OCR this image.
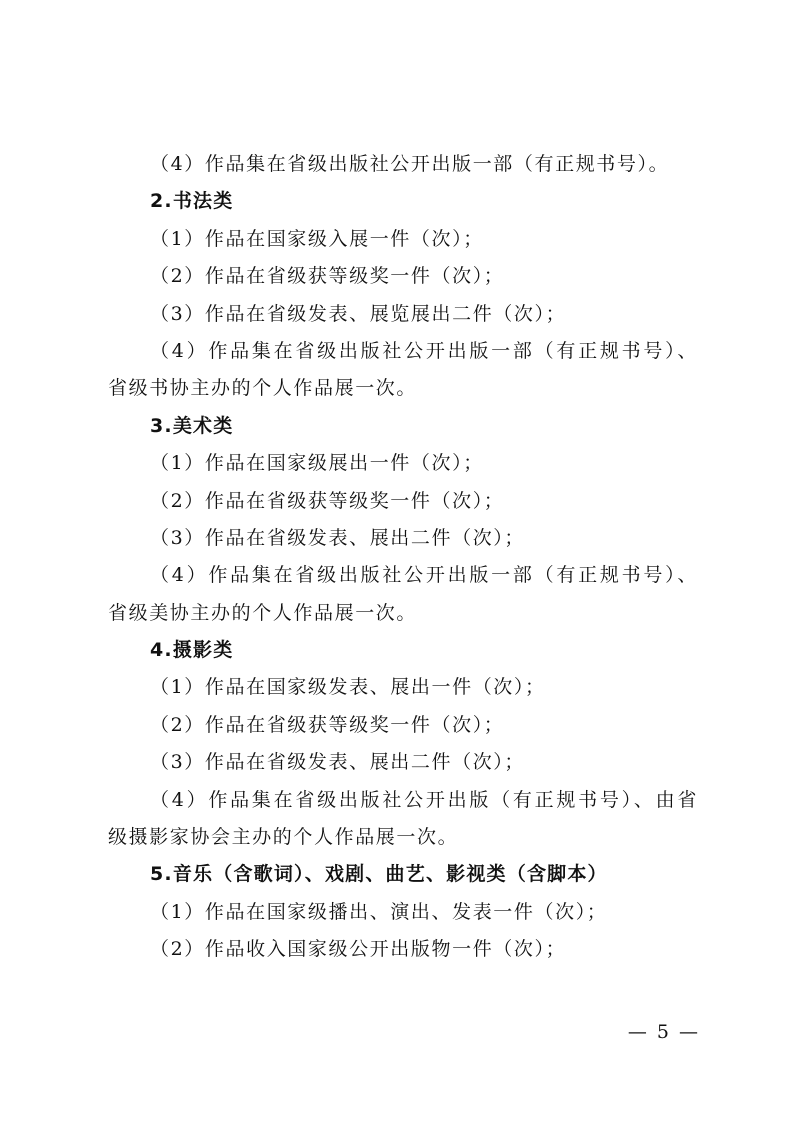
（4）作品集在省级出版社公开出版一部（有正规书号）。
2.书法类
（1）作品在国家级入展一件（次）；
（2）作品在省级获等级奖一件（次）；
（3）作品在省级发表、展览展出二件（次）；
（4）作品集在省级出版社公开出版一部（有正规书号）、
省级书协主办的个人作品展一次。
3.美术类
（1）作品在国家级展出一件（次）；
（2）作品在省级获等级奖一件（次）；
（3）作品在省级发表、展出二件（次）；
（4）作品集在省级出版社公开出版一部（有正规书号）、
省级美协主办的个人作品展一次。
4.摄影类
（1）作品在国家级发表、展出一件（次）；
（2）作品在省级获等级奖一件（次）；
（3）作品在省级发表、展出二件（次）；
（4）作品集在省级出版社公开出版（有正规书号）、由省
级摄影家协会主办的个人作品展一次。
5.音乐（含歌词）、戏剧、曲艺、影视类（含脚本）
（1）作品在国家级播出、演出、发表一件（次）；
（2）作品收入国家级公开出版物一件（次）；
— 5 —
